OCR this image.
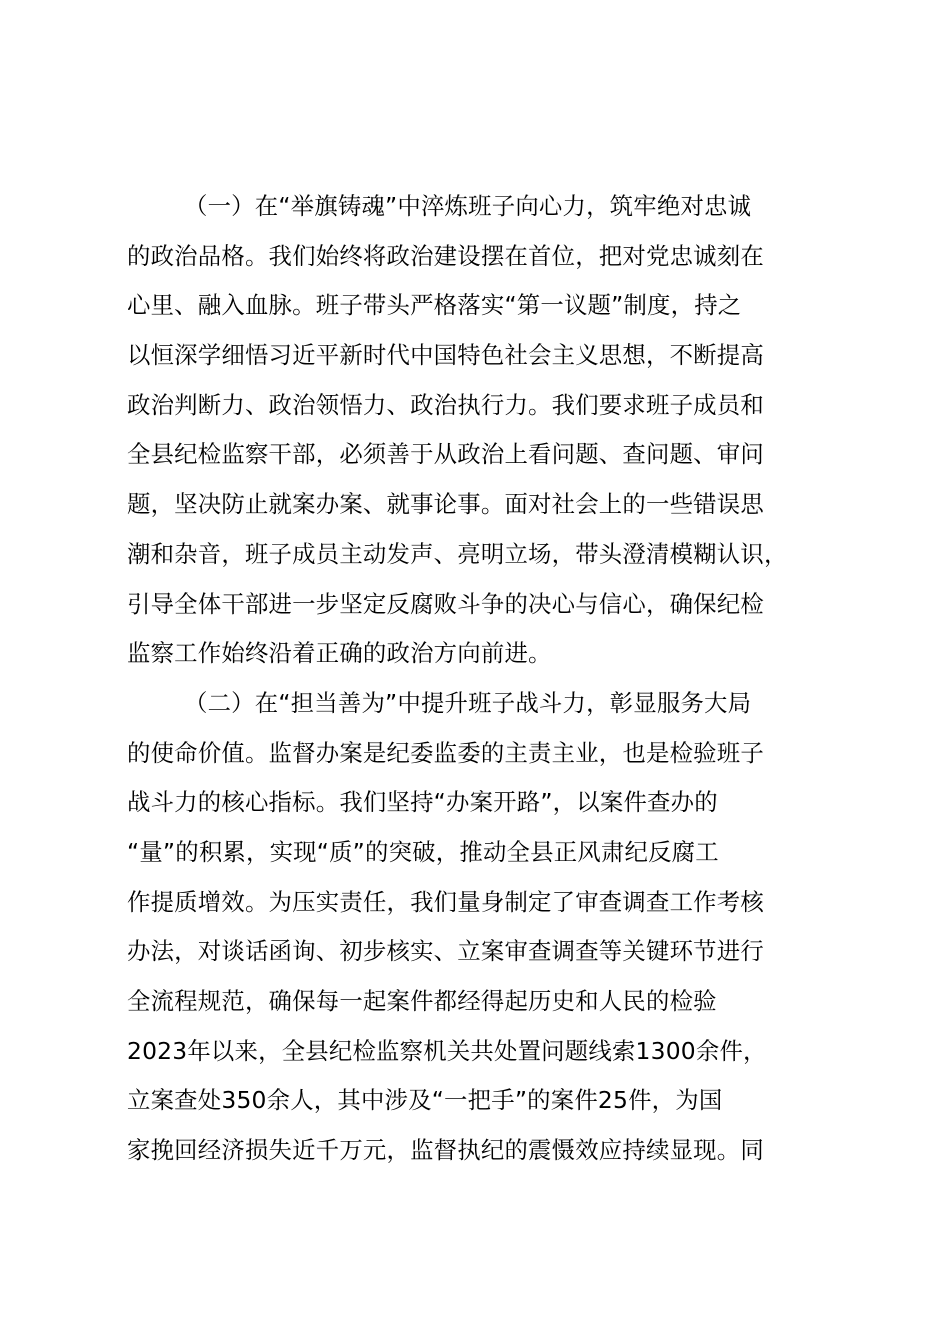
（一）在“举旗铸魂”中淬炼班子向心力，筑牢绝对忠诚
的政治品格。我们始终将政治建设摆在首位，把对党忠诚刻在
心里、融入血脉。班子带头严格落实“第一议题”制度，持之
以恒深学细悟习近平新时代中国特色社会主义思想，不断提高
政治判断力、政治领悟力、政治执行力。我们要求班子成员和
全县纪检监察干部，必须善于从政治上看问题、查问题、审问
题，坚决防止就案办案、就事论事。面对社会上的一些错误思
潮和杂音，班子成员主动发声、亮明立场，带头澄清模糊认识，
引导全体干部进一步坚定反腐败斗争的决心与信心，确保纪检
监察工作始终沿着正确的政治方向前进。
（二）在“担当善为”中提升班子战斗力，彰显服务大局
的使命价值。监督办案是纪委监委的主责主业，也是检验班子
战斗力的核心指标。我们坚持“办案开路”，以案件查办的
“量”的积累，实现“质”的突破，推动全县正风肃纪反腐工
作提质增效。为压实责任，我们量身制定了审查调查工作考核
办法，对谈话函询、初步核实、立案审查调查等关键环节进行
全流程规范，确保每一起案件都经得起历史和人民的检验
2023年以来，全县纪检监察机关共处置问题线索1300余件，
立案查处350余人，其中涉及“一把手”的案件25件，为国
家挽回经济损失近千万元，监督执纪的震慑效应持续显现。同
